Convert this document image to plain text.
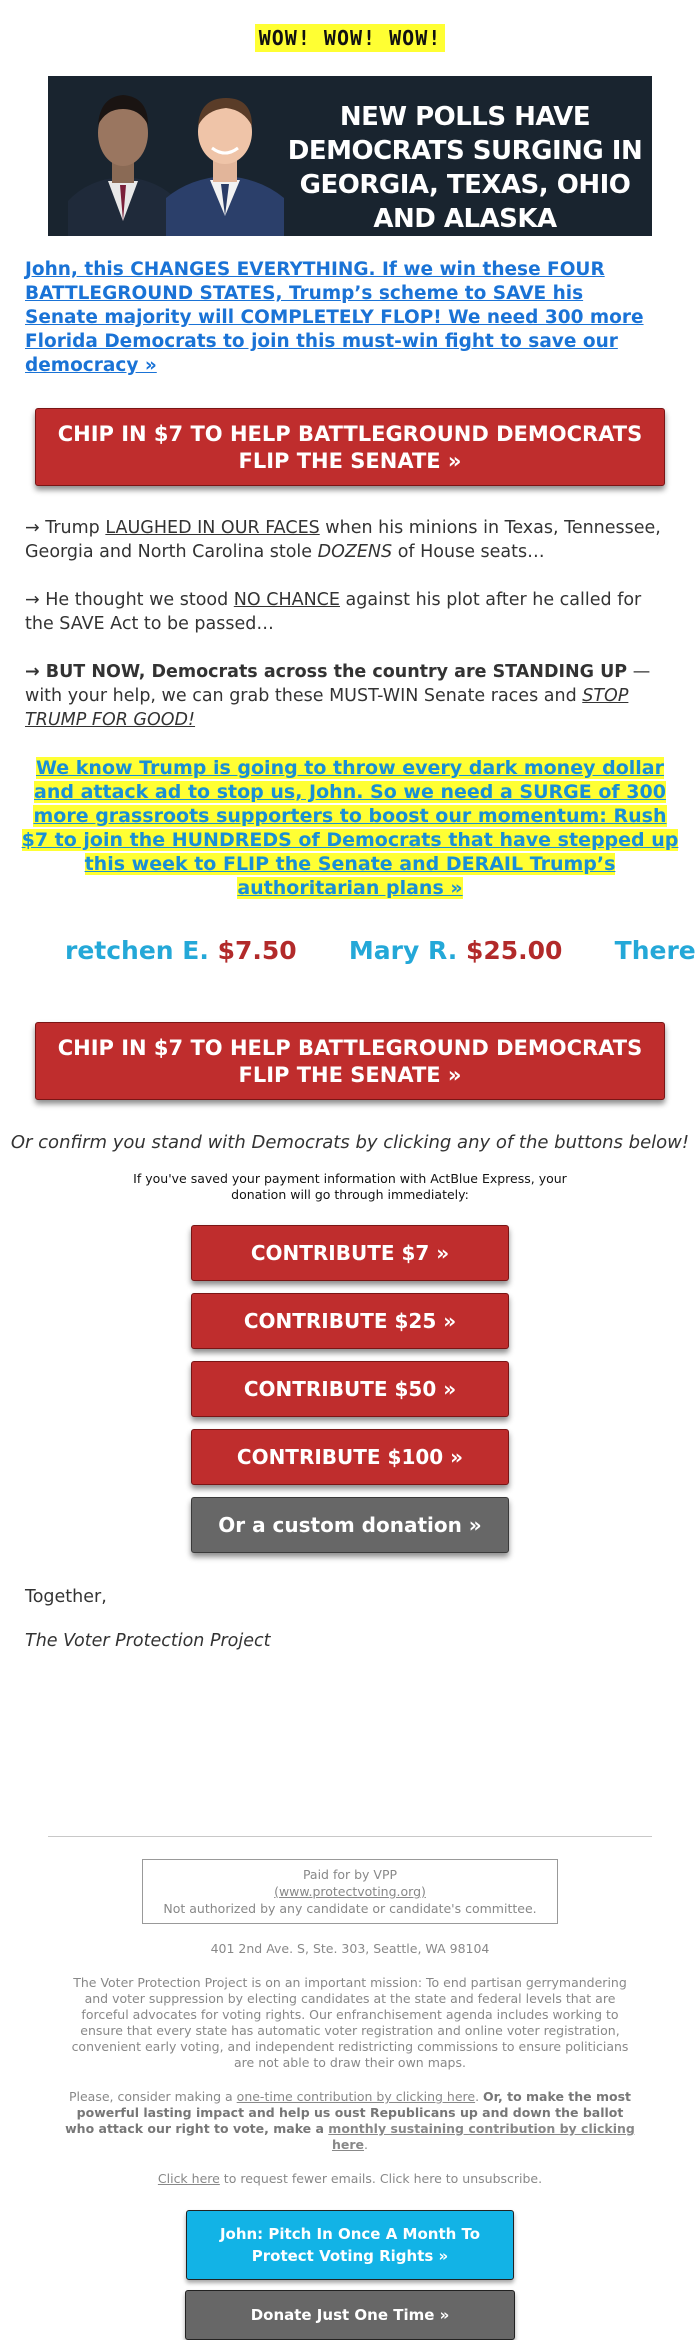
WOW! WOW! WOW!
NEW POLLS HAVE DEMOCRATS SURGING IN GEORGIA, TEXAS, OHIO AND ALASKA
John, this CHANGES EVERYTHING. If we win these FOUR BATTLEGROUND STATES, Trump’s scheme to SAVE his Senate majority will COMPLETELY FLOP! We need 300 more Florida Democrats to join this must-win fight to save our democracy »
CHIP IN $7 TO HELP BATTLEGROUND DEMOCRATS FLIP THE SENATE »

→ Trump LAUGHED IN OUR FACES when his minions in Texas, Tennessee, Georgia and North Carolina stole DOZENS of House seats…

→ He thought we stood NO CHANCE against his plot after he called for the SAVE Act to be passed…

→ BUT NOW, Democrats across the country are STANDING UP — with your help, we can grab these MUST-WIN Senate races and STOP TRUMP FOR GOOD!

We know Trump is going to throw every dark money dollar and attack ad to stop us, John. So we need a SURGE of 300 more grassroots supporters to boost our momentum: Rush $7 to join the HUNDREDS of Democrats that have stepped up this week to FLIP the Senate and DERAIL Trump’s authoritarian plans »
retchen E. $7.50 Mary R. $25.00 There
CHIP IN $7 TO HELP BATTLEGROUND DEMOCRATS FLIP THE SENATE »
Or confirm you stand with Democrats by clicking any of the buttons below!
If you've saved your payment information with ActBlue Express, your donation will go through immediately:
CONTRIBUTE $7 »
CONTRIBUTE $25 »
CONTRIBUTE $50 »
CONTRIBUTE $100 »
Or a custom donation »
Together,
The Voter Protection Project
Paid for by VPP
(www.protectvoting.org)
Not authorized by any candidate or candidate's committee.
401 2nd Ave. S, Ste. 303, Seattle, WA 98104
The Voter Protection Project is on an important mission: To end partisan gerrymandering and voter suppression by electing candidates at the state and federal levels that are forceful advocates for voting rights. Our enfranchisement agenda includes working to ensure that every state has automatic voter registration and online voter registration, convenient early voting, and independent redistricting commissions to ensure politicians are not able to draw their own maps.
Please, consider making a one-time contribution by clicking here. Or, to make the most powerful lasting impact and help us oust Republicans up and down the ballot who attack our right to vote, make a monthly sustaining contribution by clicking here.
Click here to request fewer emails. Click here to unsubscribe.
John: Pitch In Once A Month To Protect Voting Rights »
Donate Just One Time »
